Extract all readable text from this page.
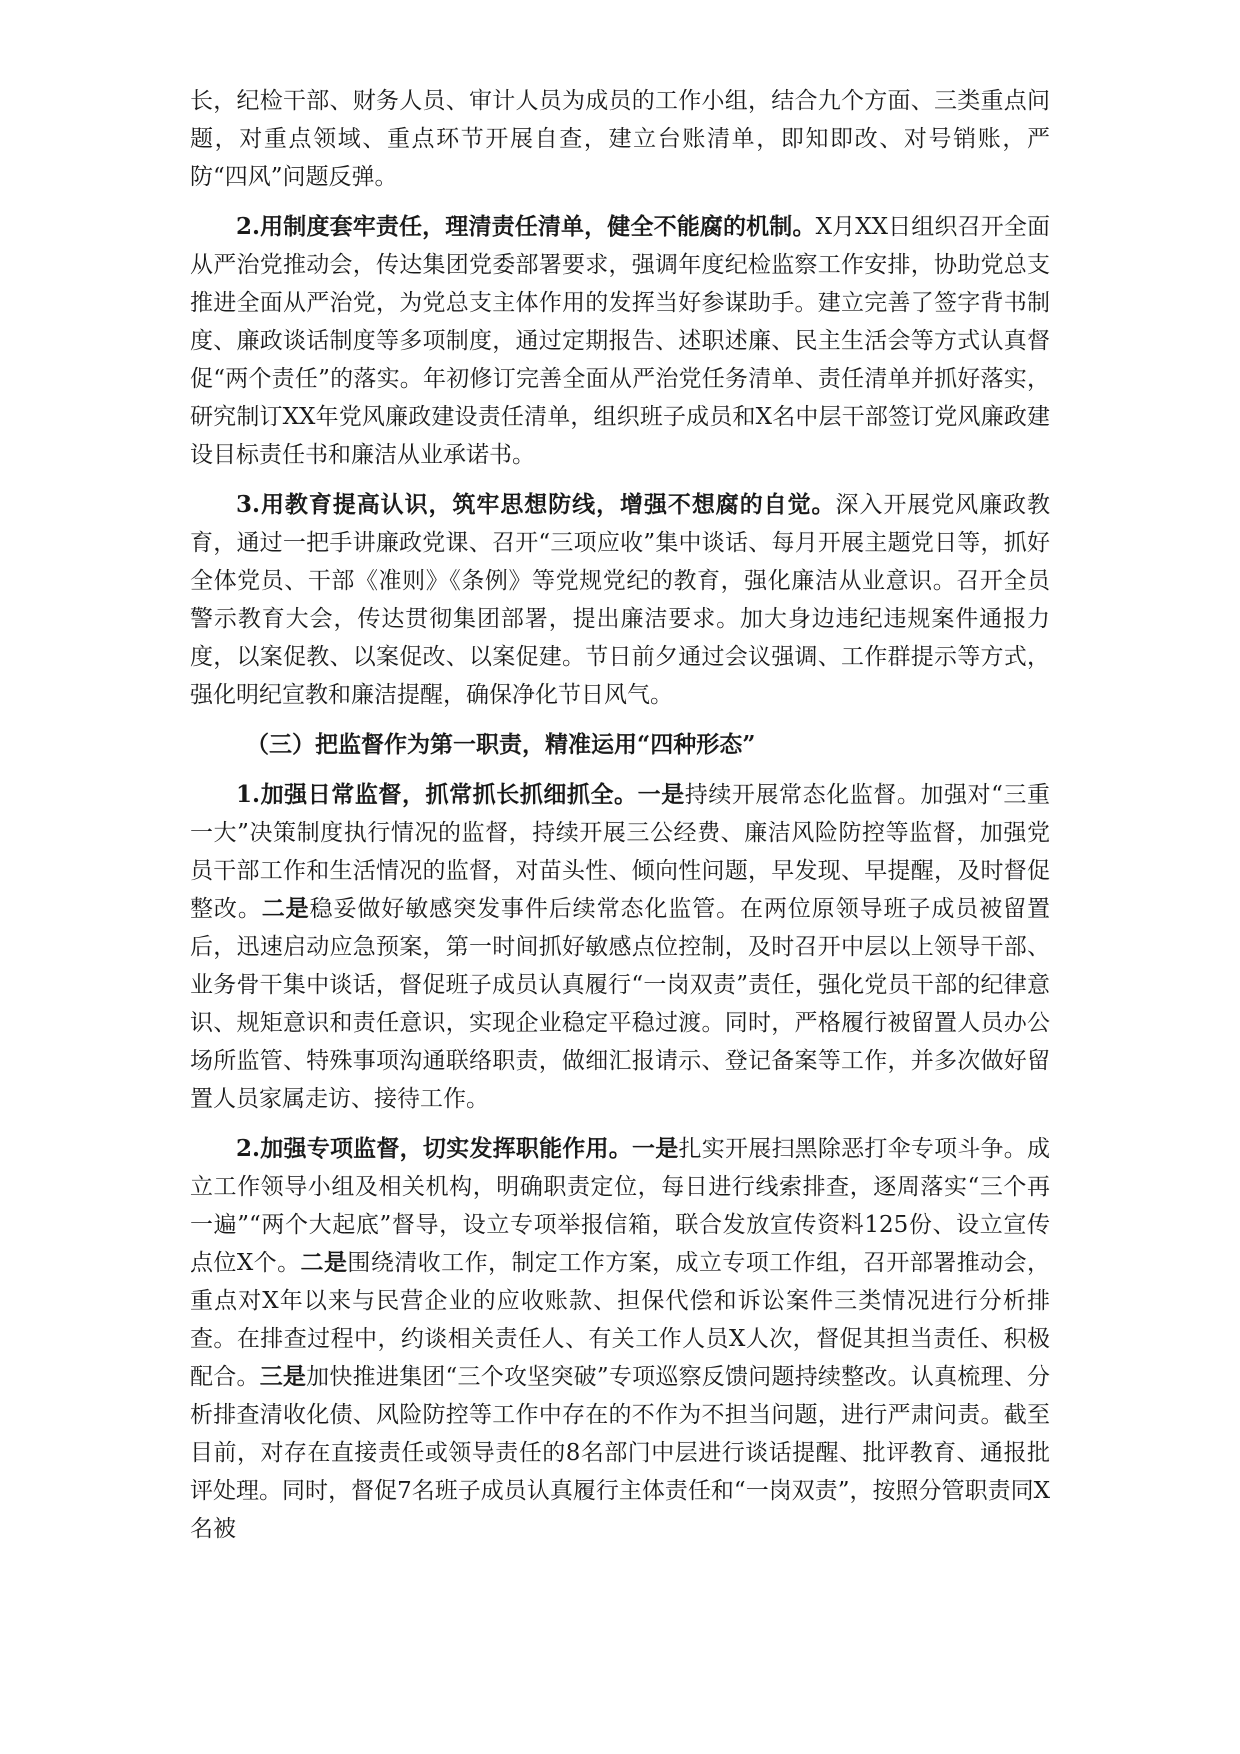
长，纪检干部、财务人员、审计人员为成员的工作小组，结合九个方面、三类重点问题，对重点领域、重点环节开展自查，建立台账清单，即知即改、对号销账，严防“四风”问题反弹。

2.用制度套牢责任，理清责任清单，健全不能腐的机制。X月XX日组织召开全面从严治党推动会，传达集团党委部署要求，强调年度纪检监察工作安排，协助党总支推进全面从严治党，为党总支主体作用的发挥当好参谋助手。建立完善了签字背书制度、廉政谈话制度等多项制度，通过定期报告、述职述廉、民主生活会等方式认真督促“两个责任”的落实。年初修订完善全面从严治党任务清单、责任清单并抓好落实，研究制订XX年党风廉政建设责任清单，组织班子成员和X名中层干部签订党风廉政建设目标责任书和廉洁从业承诺书。

3.用教育提高认识，筑牢思想防线，增强不想腐的自觉。深入开展党风廉政教育，通过一把手讲廉政党课、召开“三项应收”集中谈话、每月开展主题党日等，抓好全体党员、干部《准则》《条例》等党规党纪的教育，强化廉洁从业意识。召开全员警示教育大会，传达贯彻集团部署，提出廉洁要求。加大身边违纪违规案件通报力度，以案促教、以案促改、以案促建。节日前夕通过会议强调、工作群提示等方式，强化明纪宣教和廉洁提醒，确保净化节日风气。

（三）把监督作为第一职责，精准运用“四种形态”

1.加强日常监督，抓常抓长抓细抓全。一是持续开展常态化监督。加强对“三重一大”决策制度执行情况的监督，持续开展三公经费、廉洁风险防控等监督，加强党员干部工作和生活情况的监督，对苗头性、倾向性问题，早发现、早提醒，及时督促整改。二是稳妥做好敏感突发事件后续常态化监管。在两位原领导班子成员被留置后，迅速启动应急预案，第一时间抓好敏感点位控制，及时召开中层以上领导干部、业务骨干集中谈话，督促班子成员认真履行“一岗双责”责任，强化党员干部的纪律意识、规矩意识和责任意识，实现企业稳定平稳过渡。同时，严格履行被留置人员办公场所监管、特殊事项沟通联络职责，做细汇报请示、登记备案等工作，并多次做好留置人员家属走访、接待工作。

2.加强专项监督，切实发挥职能作用。一是扎实开展扫黑除恶打伞专项斗争。成立工作领导小组及相关机构，明确职责定位，每日进行线索排查，逐周落实“三个再一遍”“两个大起底”督导，设立专项举报信箱，联合发放宣传资料125份、设立宣传点位X个。二是围绕清收工作，制定工作方案，成立专项工作组，召开部署推动会，重点对X年以来与民营企业的应收账款、担保代偿和诉讼案件三类情况进行分析排查。在排查过程中，约谈相关责任人、有关工作人员X人次，督促其担当责任、积极配合。三是加快推进集团“三个攻坚突破”专项巡察反馈问题持续整改。认真梳理、分析排查清收化债、风险防控等工作中存在的不作为不担当问题，进行严肃问责。截至目前，对存在直接责任或领导责任的8名部门中层进行谈话提醒、批评教育、通报批评处理。同时，督促7名班子成员认真履行主体责任和“一岗双责”，按照分管职责同X名被
